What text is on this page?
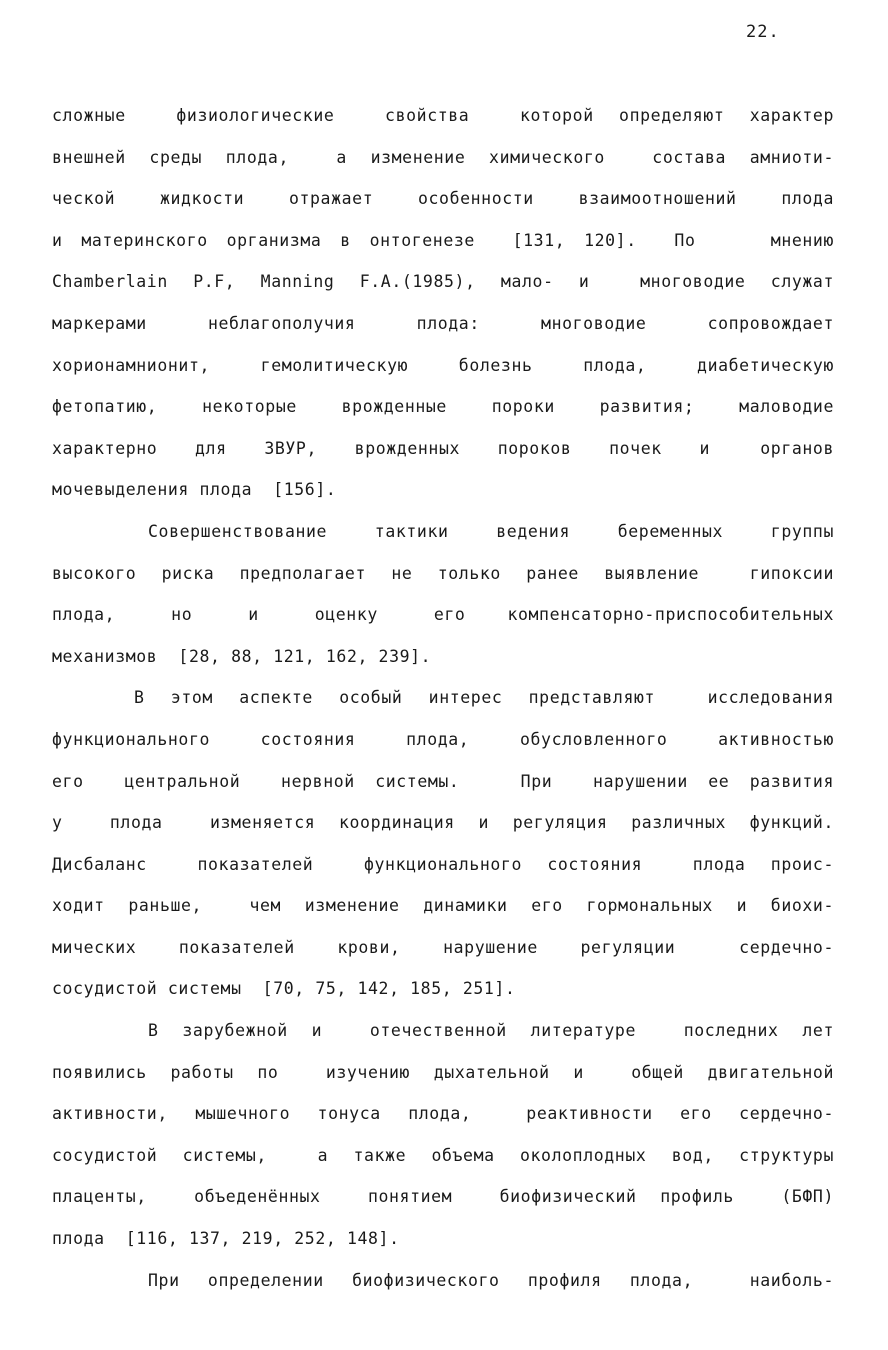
22.
сложные  физиологические  свойства  которой определяют характер
внешней среды плода,  а изменение химического  состава амниоти-
ческой  жидкости  отражает  особенности  взаимоотношений  плода
и материнского организма в онтогенезе  [131, 120].  По    мнению
Chamberlain P.F, Manning F.A.(1985), мало- и  многоводие служат
маркерами    неблагополучия    плода:    многоводие    сопровождает
хорионамнионит,  гемолитическую  болезнь  плода,  диабетическую
фетопатию,  некоторые  врожденные  пороки  развития;  маловодие
характерно   для   ЗВУР,   врожденных   пороков   почек   и    органов
мочевыделения плода  [156].
Совершенствование  тактики  ведения  беременных  группы
высокого риска предполагает не только ранее выявление  гипоксии
плода,    но    и    оценку    его   компенсаторно-приспособительных
механизмов  [28, 88, 121, 162, 239].
В этом аспекте особый интерес представляют  исследования
функционального  состояния  плода,  обусловленного  активностью
его  центральной  нервной системы.   При  нарушении ее развития
у  плода  изменяется координация и регуляция различных функций.
Дисбаланс  показателей  функционального состояния  плода проис-
ходит раньше,  чем изменение динамики его гормональных и биохи-
мических  показателей  крови,  нарушение  регуляции   сердечно-
сосудистой системы  [70, 75, 142, 185, 251].
В зарубежной и  отечественной литературе  последних лет
появились работы по  изучению дыхательной и  общей двигательной
активности, мышечного тонуса плода,  реактивности его сердечно-
сосудистой системы,  а также объема околоплодных вод, структуры
плаценты,  объеденённых  понятием  биофизический профиль  (БФП)
плода  [116, 137, 219, 252, 148].
При определении биофизического профиля плода,  наиболь-
